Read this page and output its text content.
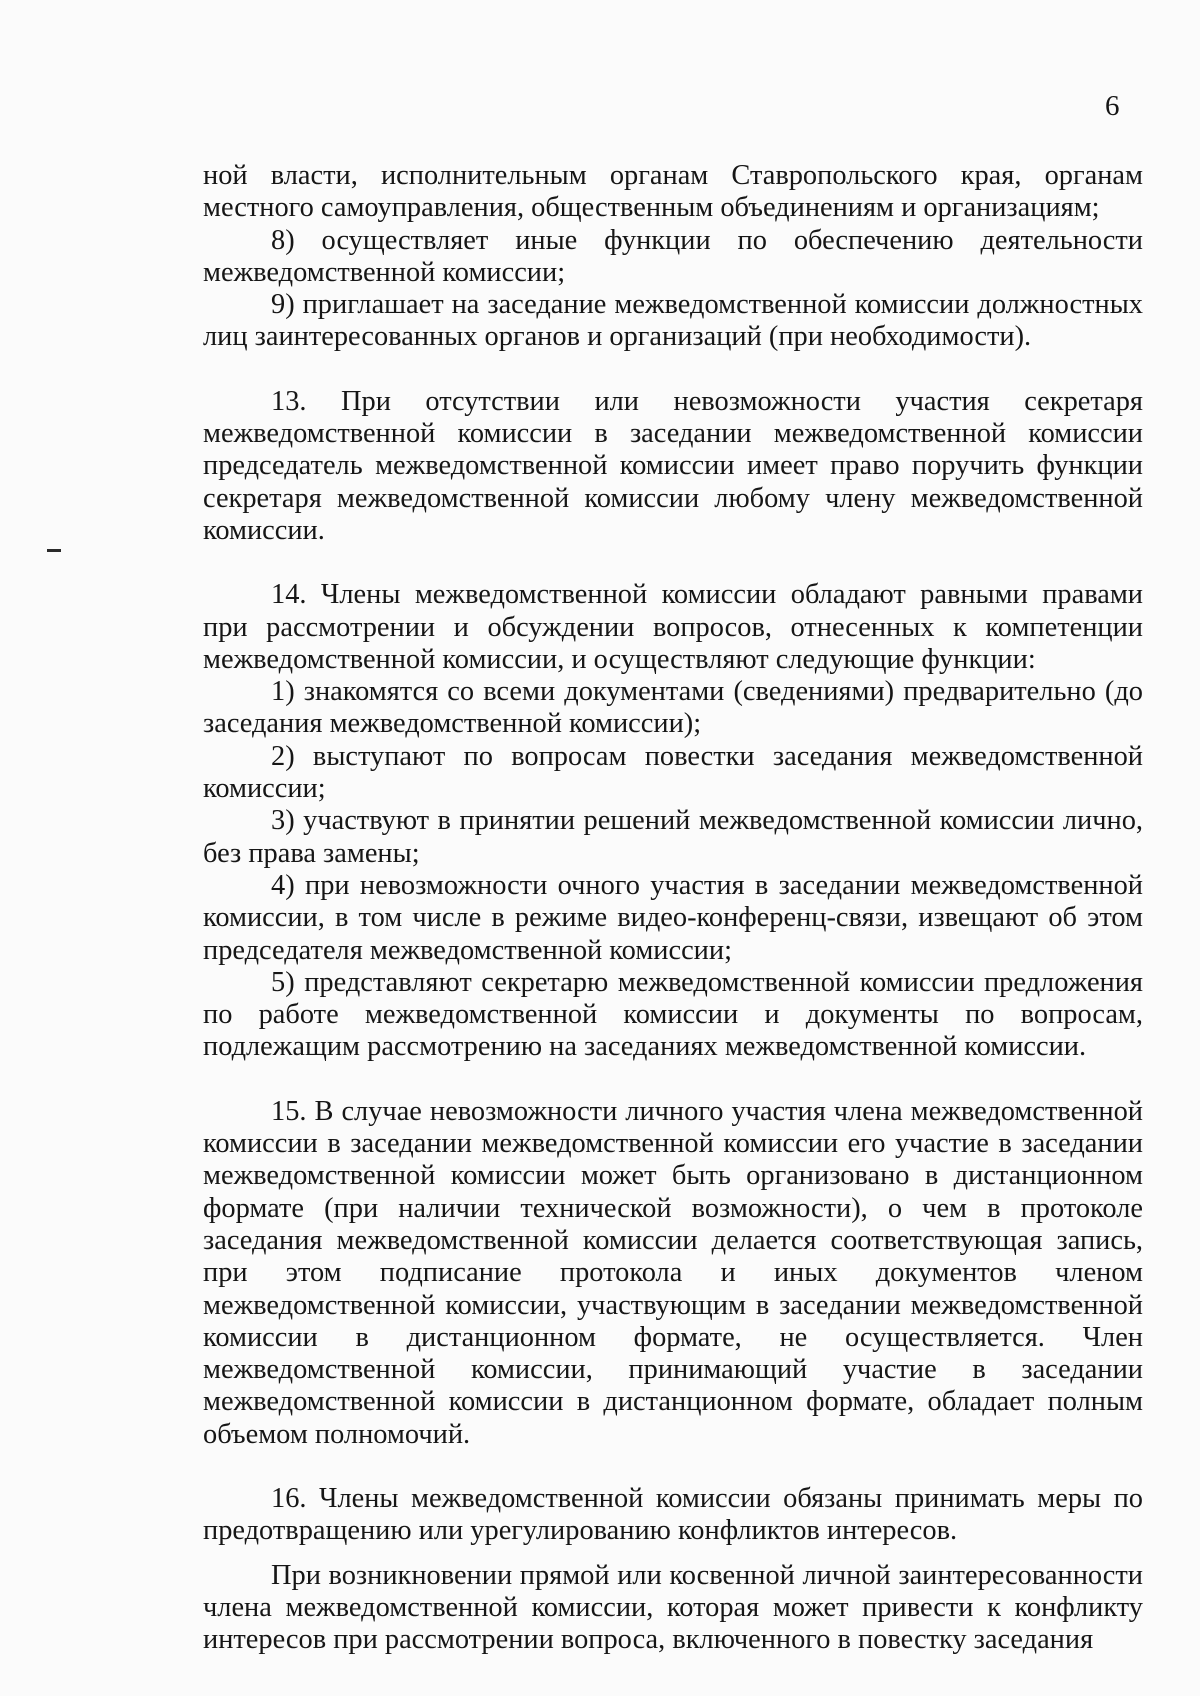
6

ной власти, исполнительным органам Ставропольского края, органам местного самоуправления, общественным объединениям и организациям;

8) осуществляет иные функции по обеспечению деятельности межведомственной комиссии;

9) приглашает на заседание межведомственной комиссии должностных лиц заинтересованных органов и организаций (при необходимости).

13. При отсутствии или невозможности участия секретаря межведомственной комиссии в заседании межведомственной комиссии председатель межведомственной комиссии имеет право поручить функции секретаря межведомственной комиссии любому члену межведомственной комиссии.

14. Члены межведомственной комиссии обладают равными правами при рассмотрении и обсуждении вопросов, отнесенных к компетенции межведомственной комиссии, и осуществляют следующие функции:

1) знакомятся со всеми документами (сведениями) предварительно (до заседания межведомственной комиссии);

2) выступают по вопросам повестки заседания межведомственной комиссии;

3) участвуют в принятии решений межведомственной комиссии лично, без права замены;

4) при невозможности очного участия в заседании межведомственной комиссии, в том числе в режиме видео-конференц-связи, извещают об этом председателя межведомственной комиссии;

5) представляют секретарю межведомственной комиссии предложения по работе межведомственной комиссии и документы по вопросам, подлежащим рассмотрению на заседаниях межведомственной комиссии.

15. В случае невозможности личного участия члена межведомственной комиссии в заседании межведомственной комиссии его участие в заседании межведомственной комиссии может быть организовано в дистанционном формате (при наличии технической возможности), о чем в протоколе заседания межведомственной комиссии делается соответствующая запись, при этом подписание протокола и иных документов членом межведомственной комиссии, участвующим в заседании межведомственной комиссии в дистанционном формате, не осуществляется. Член межведомственной комиссии, принимающий участие в заседании межведомственной комиссии в дистанционном формате, обладает полным объемом полномочий.

16. Члены межведомственной комиссии обязаны принимать меры по предотвращению или урегулированию конфликтов интересов.

При возникновении прямой или косвенной личной заинтересованности члена межведомственной комиссии, которая может привести к конфликту интересов при рассмотрении вопроса, включенного в повестку заседания
